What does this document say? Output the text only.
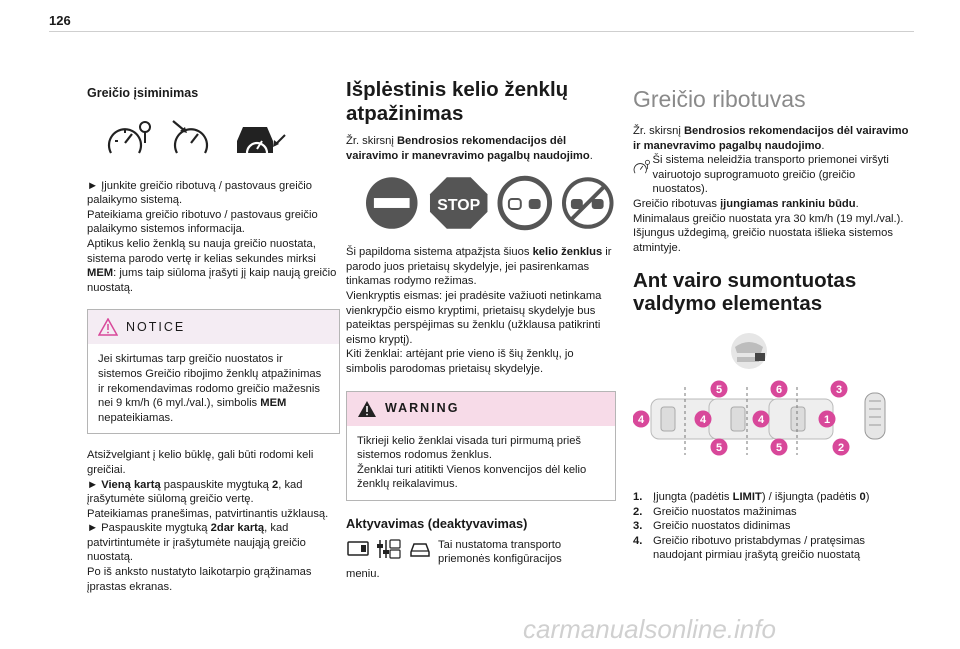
126
Greičio įsiminimas

► Įjunkite greičio ribotuvą / pastovaus greičio palaikymo sistemą.

Pateikiama greičio ribotuvo / pastovaus greičio palaikymo sistemos informacija.

Aptikus kelio ženklą su nauja greičio nuostata, sistema parodo vertę ir kelias sekundes mirksi MEM: jums taip siūloma įrašyti jį kaip naują greičio nuostatą.

NOTICE
Jei skirtumas tarp greičio nuostatos ir sistemos Greičio ribojimo ženklų atpažinimas ir rekomendavimas rodomo greičio mažesnis nei 9 km/h (6 myl./val.), simbolis MEM nepateikiamas.

Atsižvelgiant į kelio būklę, gali būti rodomi keli greičiai.

► Vieną kartą paspauskite mygtuką 2, kad įrašytumėte siūlomą greičio vertę.

Pateikiamas pranešimas, patvirtinantis užklausą.

► Paspauskite mygtuką 2dar kartą, kad patvirtintumėte ir įrašytumėte naująją greičio nuostatą.

Po iš anksto nustatyto laikotarpio grąžinamas įprastas ekranas.

Išplėstinis kelio ženklų atpažinimas

Žr. skirsnį Bendrosios rekomendacijos dėl vairavimo ir manevravimo pagalbų naudojimo.

STOP

Ši papildoma sistema atpažįsta šiuos kelio ženklus ir parodo juos prietaisų skydelyje, jei pasirenkamas tinkamas rodymo režimas.

Vienkryptis eismas: jei pradėsite važiuoti netinkama vienkrypčio eismo kryptimi, prietaisų skydelyje bus pateiktas perspėjimas su ženklu (užklausa patikrinti eismo kryptį).

Kiti ženklai: artėjant prie vieno iš šių ženklų, jo simbolis parodomas prietaisų skydelyje.

WARNING

Tikrieji kelio ženklai visada turi pirmumą prieš sistemos rodomus ženklus.

Ženklai turi atitikti Vienos konvencijos dėl kelio ženklų reikalavimus.

Aktyvavimas (deaktyvavimas)
Tai nustatoma transporto priemonės konfigūracijos

meniu.

Greičio ribotuvas

Žr. skirsnį Bendrosios rekomendacijos dėl vairavimo ir manevravimo pagalbų naudojimo.

Ši sistema neleidžia transporto priemonei viršyti vairuotojo suprogramuoto greičio (greičio nuostatos).

Greičio ribotuvas įjungiamas rankiniu būdu.

Minimalaus greičio nuostata yra 30 km/h (19 myl./val.).

Išjungus uždegimą, greičio nuostata išlieka sistemos atmintyje.

Ant vairo sumontuotas valdymo elementas
5	6	3
4	4	4	1
5	5	2
1. Įjungta (padėtis LIMIT) / išjungta (padėtis 0)
2. Greičio nuostatos mažinimas
3. Greičio nuostatos didinimas
4. Greičio ribotuvo pristabdymas / pratęsimas naudojant pirmiau įrašytą greičio nuostatą
carmanualsonline.info
